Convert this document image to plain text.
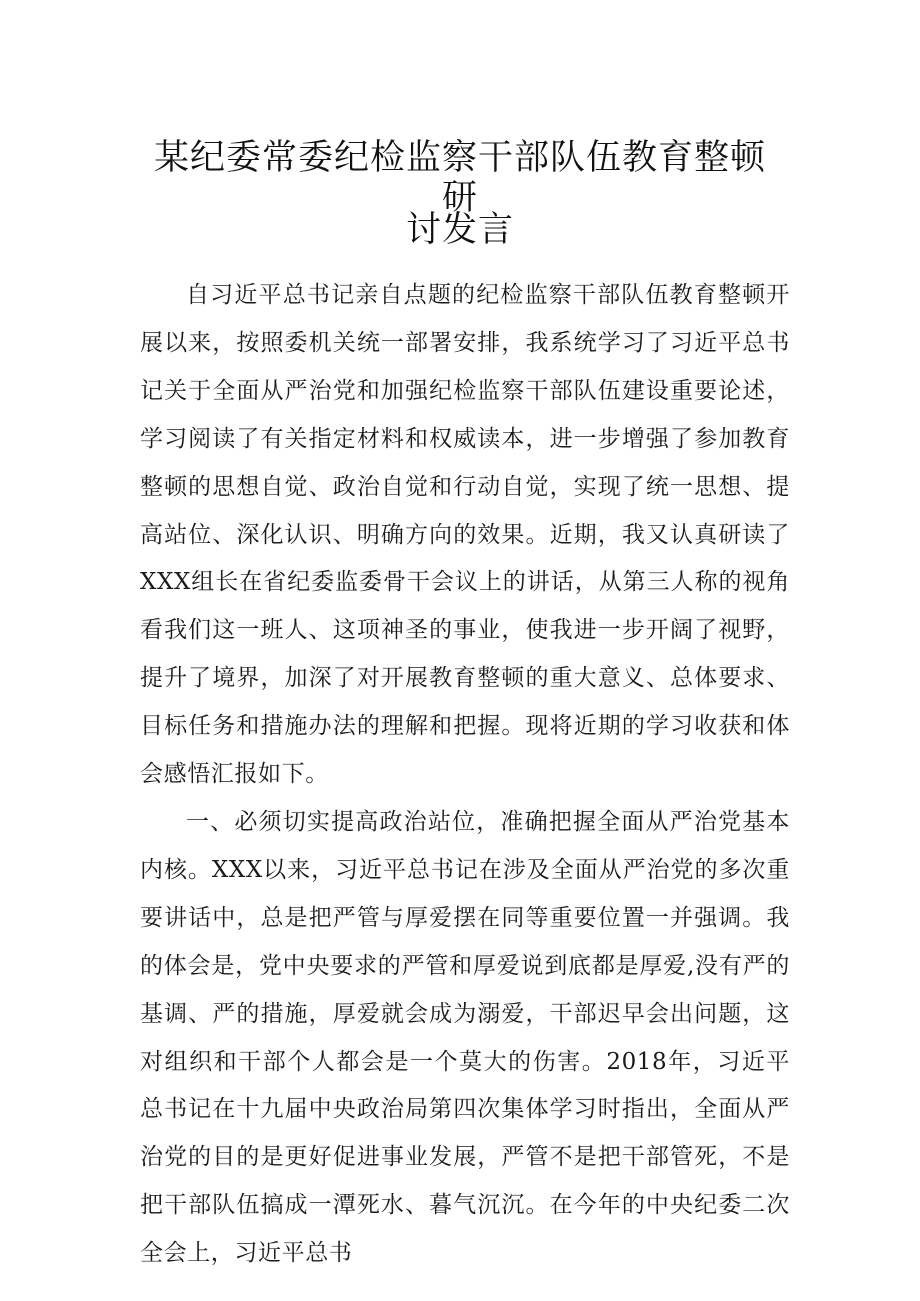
某纪委常委纪检监察干部队伍教育整顿研
讨发言

自习近平总书记亲自点题的纪检监察干部队伍教育整顿开展以来，按照委机关统一部署安排，我系统学习了习近平总书记关于全面从严治党和加强纪检监察干部队伍建设重要论述，学习阅读了有关指定材料和权威读本，进一步增强了参加教育整顿的思想自觉、政治自觉和行动自觉，实现了统一思想、提高站位、深化认识、明确方向的效果。近期，我又认真研读了XXX组长在省纪委监委骨干会议上的讲话，从第三人称的视角看我们这一班人、这项神圣的事业，使我进一步开阔了视野，提升了境界，加深了对开展教育整顿的重大意义、总体要求、目标任务和措施办法的理解和把握。现将近期的学习收获和体会感悟汇报如下。

一、必须切实提高政治站位，准确把握全面从严治党基本内核。XXX以来，习近平总书记在涉及全面从严治党的多次重要讲话中，总是把严管与厚爱摆在同等重要位置一并强调。我的体会是，党中央要求的严管和厚爱说到底都是厚爱,没有严的基调、严的措施，厚爱就会成为溺爱，干部迟早会出问题，这对组织和干部个人都会是一个莫大的伤害。2018年，习近平总书记在十九届中央政治局第四次集体学习时指出，全面从严治党的目的是更好促进事业发展，严管不是把干部管死，不是把干部队伍搞成一潭死水、暮气沉沉。在今年的中央纪委二次全会上，习近平总书
